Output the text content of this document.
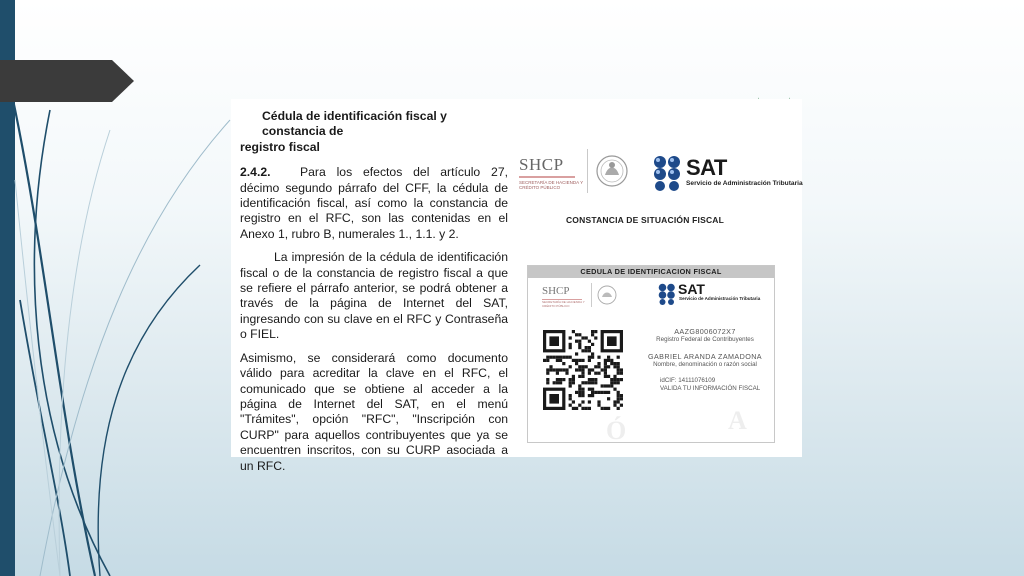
Cédula de identificación fiscal y constancia de
registro fiscal

2.4.2. Para los efectos del artículo 27, décimo segundo párrafo del CFF, la cédula de identificación fiscal, así como la constancia de registro en el RFC, son las contenidas en el Anexo 1, rubro B, numerales 1., 1.1. y 2.

La impresión de la cédula de identificación fiscal o de la constancia de registro fiscal a que se refiere el párrafo anterior, se podrá obtener a través de la página de Internet del SAT, ingresando con su clave en el RFC y Contraseña o FIEL.

Asimismo, se considerará como documento válido para acreditar la clave en el RFC, el comunicado que se obtiene al acceder a la página de Internet del SAT, en el menú "Trámites", opción "RFC", "Inscripción con CURP" para aquellos contribuyentes que ya se encuentren inscritos, con su CURP asociada a un RFC.

SHCP
SECRETARÍA DE HACIENDA Y CRÉDITO PÚBLICO
SAT
Servicio de Administración Tributaria
CONSTANCIA DE SITUACIÓN FISCAL
CEDULA DE IDENTIFICACION FISCAL
SHCP
SECRETARÍA DE HACIENDA Y CRÉDITO PÚBLICO
SAT
Servicio de Administración Tributaria
AAZG8006072X7
Registro Federal de Contribuyentes
GABRIEL ARANDA ZAMADONA
Nombre, denominación o razón social
idCIF: 14111076109
VALIDA TU INFORMACIÓN FISCAL
Ó	A
